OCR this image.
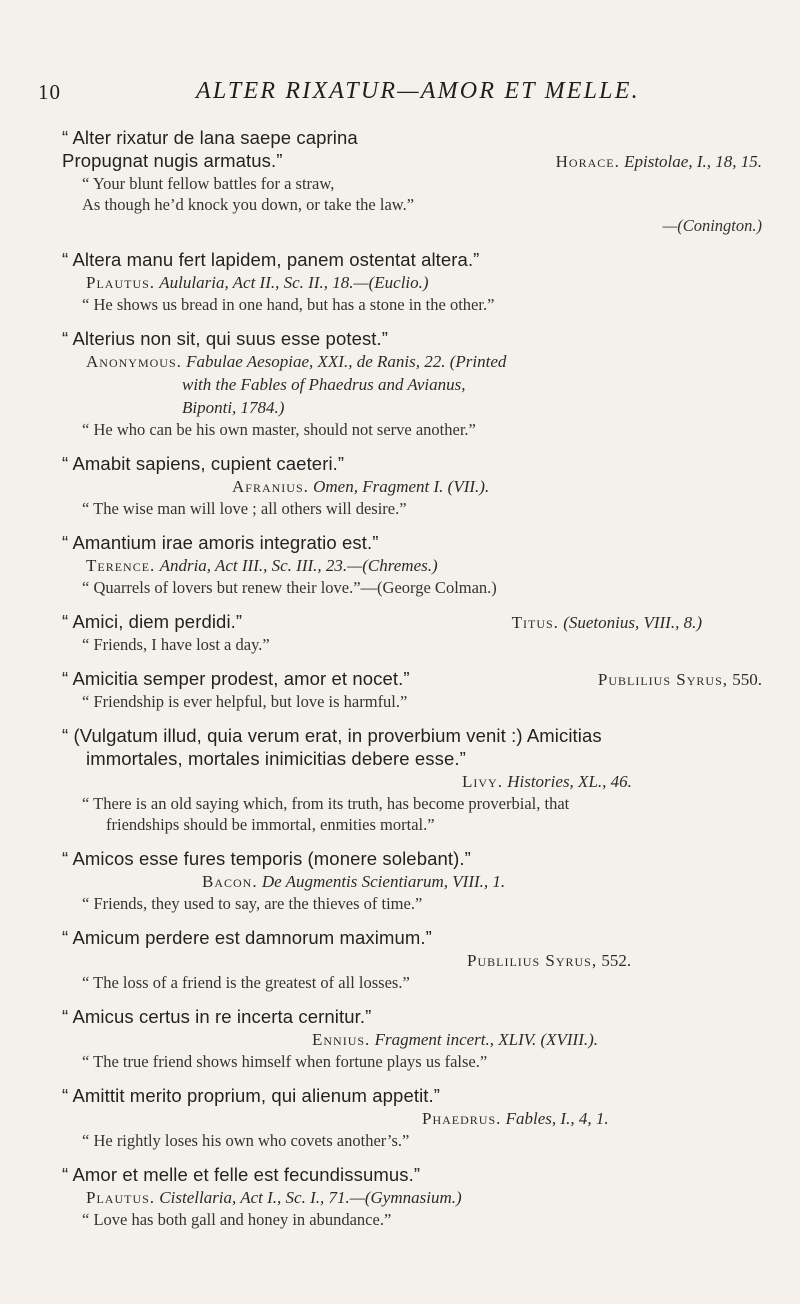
10	ALTER RIXATUR—AMOR ET MELLE.
“ Alter rixatur de lana saepe caprina
Propugnat nugis armatus.”	Horace. Epistolae, I., 18, 15.
“ Your blunt fellow battles for a straw,
As though he’d knock you down, or take the law.”
—(Conington.)
“ Altera manu fert lapidem, panem ostentat altera.”
Plautus. Aulularia, Act II., Sc. II., 18.—(Euclio.)
“ He shows us bread in one hand, but has a stone in the other.”
“ Alterius non sit, qui suus esse potest.”
Anonymous. Fabulae Aesopiae, XXI., de Ranis, 22. (Printed
with the Fables of Phaedrus and Avianus,
Biponti, 1784.)
“ He who can be his own master, should not serve another.”
“ Amabit sapiens, cupient caeteri.”
Afranius. Omen, Fragment I. (VII.).
“ The wise man will love ; all others will desire.”
“ Amantium irae amoris integratio est.”
Terence. Andria, Act III., Sc. III., 23.—(Chremes.)
“ Quarrels of lovers but renew their love.”—(George Colman.)
“ Amici, diem perdidi.”	Titus. (Suetonius, VIII., 8.)
“ Friends, I have lost a day.”
“ Amicitia semper prodest, amor et nocet.”	Publilius Syrus, 550.
“ Friendship is ever helpful, but love is harmful.”
“ (Vulgatum illud, quia verum erat, in proverbium venit :) Amicitias
immortales, mortales inimicitias debere esse.”
Livy. Histories, XL., 46.
“ There is an old saying which, from its truth, has become proverbial, that
friendships should be immortal, enmities mortal.”
“ Amicos esse fures temporis (monere solebant).”
Bacon. De Augmentis Scientiarum, VIII., 1.
“ Friends, they used to say, are the thieves of time.”
“ Amicum perdere est damnorum maximum.”
Publilius Syrus, 552.
“ The loss of a friend is the greatest of all losses.”
“ Amicus certus in re incerta cernitur.”
Ennius. Fragment incert., XLIV. (XVIII.).
“ The true friend shows himself when fortune plays us false.”
“ Amittit merito proprium, qui alienum appetit.”
Phaedrus. Fables, I., 4, 1.
“ He rightly loses his own who covets another’s.”
“ Amor et melle et felle est fecundissumus.”
Plautus. Cistellaria, Act I., Sc. I., 71.—(Gymnasium.)
“ Love has both gall and honey in abundance.”
